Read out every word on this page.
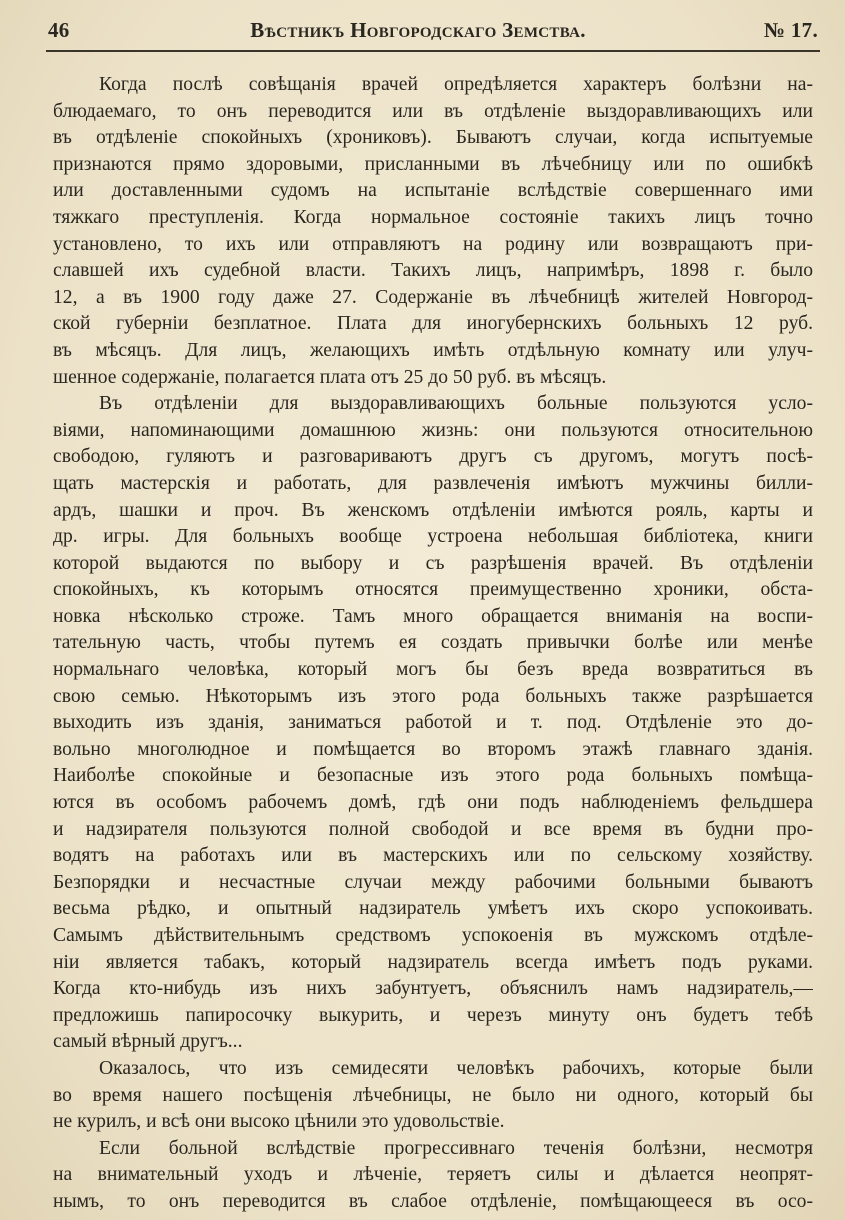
46	Вѣстникъ Новгородскаго Земства.	№ 17.
Когда послѣ совѣщанія врачей опредѣляется характеръ болѣзни на-
блюдаемаго, то онъ переводится или въ отдѣленіе выздоравливающихъ или
въ отдѣленіе спокойныхъ (хрониковъ). Бываютъ случаи, когда испытуемые
признаются прямо здоровыми, присланными въ лѣчебницу или по ошибкѣ
или доставленными судомъ на испытаніе вслѣдствіе совершеннаго ими
тяжкаго преступленія. Когда нормальное состояніе такихъ лицъ точно
установлено, то ихъ или отправляютъ на родину или возвращаютъ при-
славшей ихъ судебной власти. Такихъ лицъ, напримѣръ, 1898 г. было
12, а въ 1900 году даже 27. Содержаніе въ лѣчебницѣ жителей Новгород-
ской губерніи безплатное. Плата для иногубернскихъ больныхъ 12 руб.
въ мѣсяцъ. Для лицъ, желающихъ имѣть отдѣльную комнату или улуч-
шенное содержаніе, полагается плата отъ 25 до 50 руб. въ мѣсяцъ.
Въ отдѣленіи для выздоравливающихъ больные пользуются усло-
віями, напоминающими домашнюю жизнь: они пользуются относительною
свободою, гуляютъ и разговариваютъ другъ съ другомъ, могутъ посѣ-
щать мастерскія и работать, для развлеченія имѣютъ мужчины билли-
ардъ, шашки и проч. Въ женскомъ отдѣленіи имѣются рояль, карты и
др. игры. Для больныхъ вообще устроена небольшая библіотека, книги
которой выдаются по выбору и съ разрѣшенія врачей. Въ отдѣленіи
спокойныхъ, къ которымъ относятся преимущественно хроники, обста-
новка нѣсколько строже. Тамъ много обращается вниманія на воспи-
тательную часть, чтобы путемъ ея создать привычки болѣе или менѣе
нормальнаго человѣка, который могъ бы безъ вреда возвратиться въ
свою семью. Нѣкоторымъ изъ этого рода больныхъ также разрѣшается
выходить изъ зданія, заниматься работой и т. под. Отдѣленіе это до-
вольно многолюдное и помѣщается во второмъ этажѣ главнаго зданія.
Наиболѣе спокойные и безопасные изъ этого рода больныхъ помѣща-
ются въ особомъ рабочемъ домѣ, гдѣ они подъ наблюденіемъ фельдшера
и надзирателя пользуются полной свободой и все время въ будни про-
водятъ на работахъ или въ мастерскихъ или по сельскому хозяйству.
Безпорядки и несчастные случаи между рабочими больными бываютъ
весьма рѣдко, и опытный надзиратель умѣетъ ихъ скоро успокоивать.
Самымъ дѣйствительнымъ средствомъ успокоенія въ мужскомъ отдѣле-
ніи является табакъ, который надзиратель всегда имѣетъ подъ руками.
Когда кто-нибудь изъ нихъ забунтуетъ, объяснилъ намъ надзиратель,—
предложишь папиросочку выкурить, и черезъ минуту онъ будетъ тебѣ
самый вѣрный другъ...
Оказалось, что изъ семидесяти человѣкъ рабочихъ, которые были
во время нашего посѣщенія лѣчебницы, не было ни одного, который бы
не курилъ, и всѣ они высоко цѣнили это удовольствіе.
Если больной вслѣдствіе прогрессивнаго теченія болѣзни, несмотря
на внимательный уходъ и лѣченіе, теряетъ силы и дѣлается неопрят-
нымъ, то онъ переводится въ слабое отдѣленіе, помѣщающееся въ осо-
